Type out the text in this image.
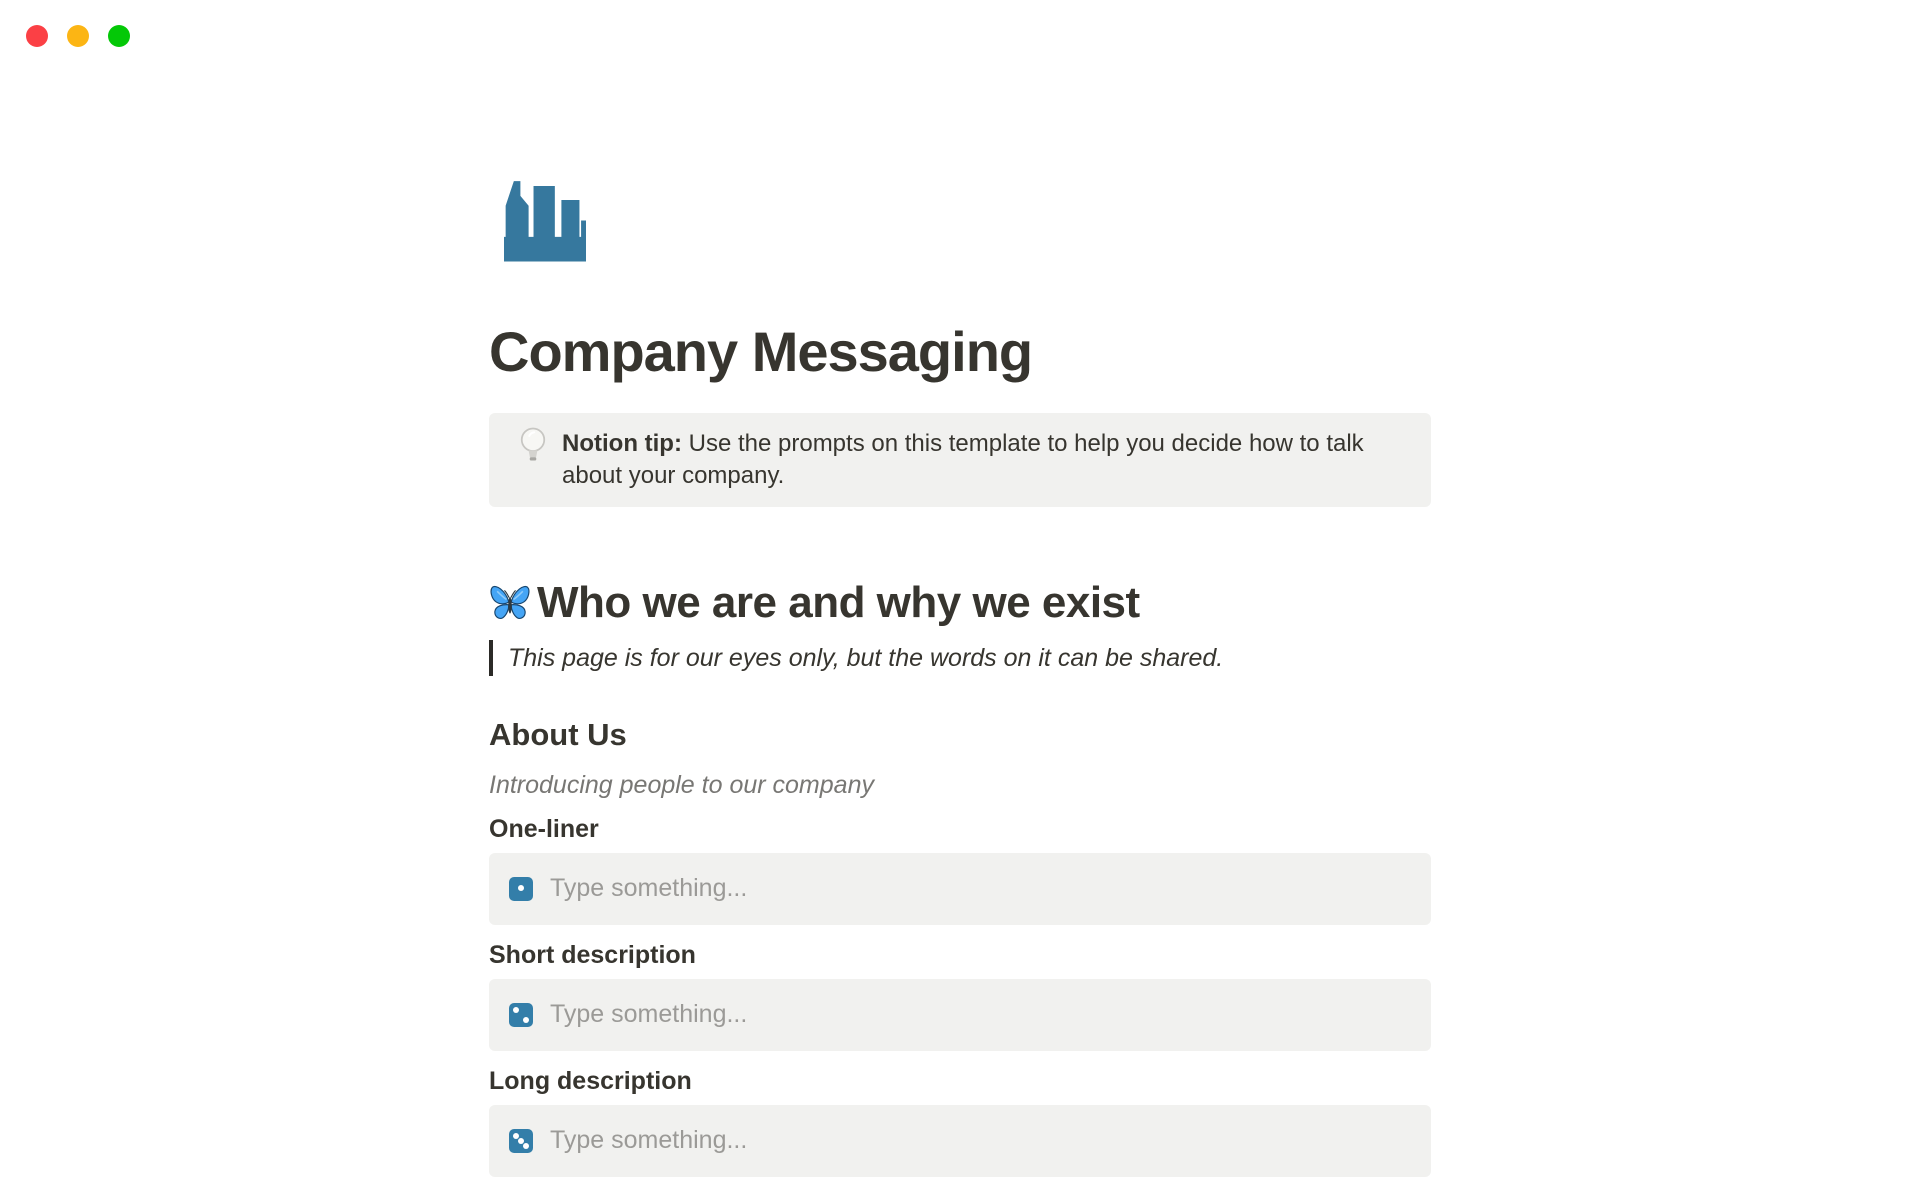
Company Messaging
Notion tip: Use the prompts on this template to help you decide how to talk about your company.
Who we are and why we exist
This page is for our eyes only, but the words on it can be shared.
About Us
Introducing people to our company
One-liner
Type something...
Short description
Type something...
Long description
Type something...
